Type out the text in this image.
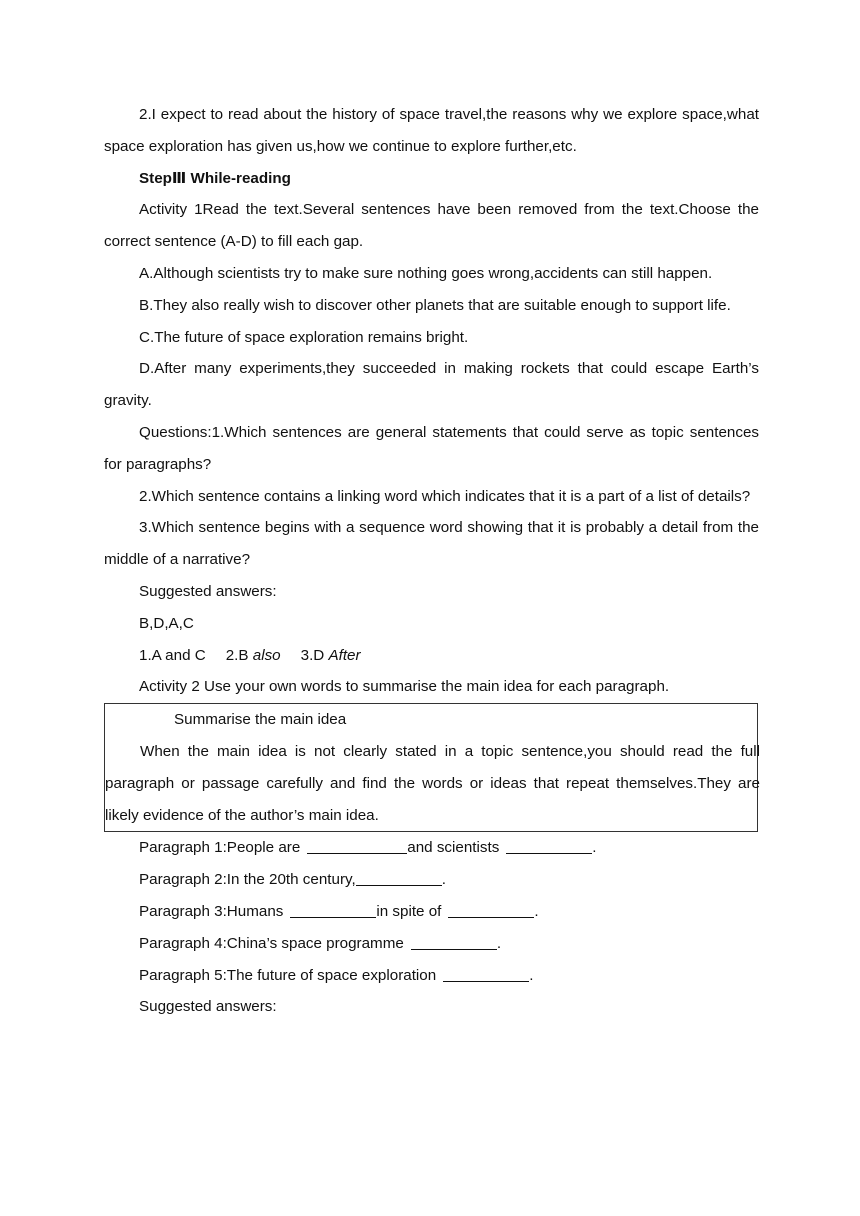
2.I expect to read about the history of space travel,the reasons why we explore space,what space exploration has given us,how we continue to explore further,etc.

StepⅢ While-reading

Activity 1Read the text.Several sentences have been removed from the text.Choose the correct sentence (A-D) to fill each gap.

A.Although scientists try to make sure nothing goes wrong,accidents can still happen.

B.They also really wish to discover other planets that are suitable enough to support life.

C.The future of space exploration remains bright.

D.After many experiments,they succeeded in making rockets that could escape Earth’s gravity.

Questions:1.Which sentences are general statements that could serve as topic sentences for paragraphs?

2.Which sentence contains a linking word which indicates that it is a part of a list of details?

3.Which sentence begins with a sequence word showing that it is probably a detail from the middle of a narrative?

Suggested answers:

B,D,A,C

1.A and C 2.B also 3.D After

Activity 2 Use your own words to summarise the main idea for each paragraph.

Summarise the main idea

When the main idea is not clearly stated in a topic sentence,you should read the full paragraph or passage carefully and find the words or ideas that repeat themselves.They are likely evidence of the author’s main idea.

Paragraph 1:People are	and scientists	.

Paragraph 2:In the 20th century,	.

Paragraph 3:Humans	in spite of	.

Paragraph 4:China’s space programme	.

Paragraph 5:The future of space exploration	.

Suggested answers:
